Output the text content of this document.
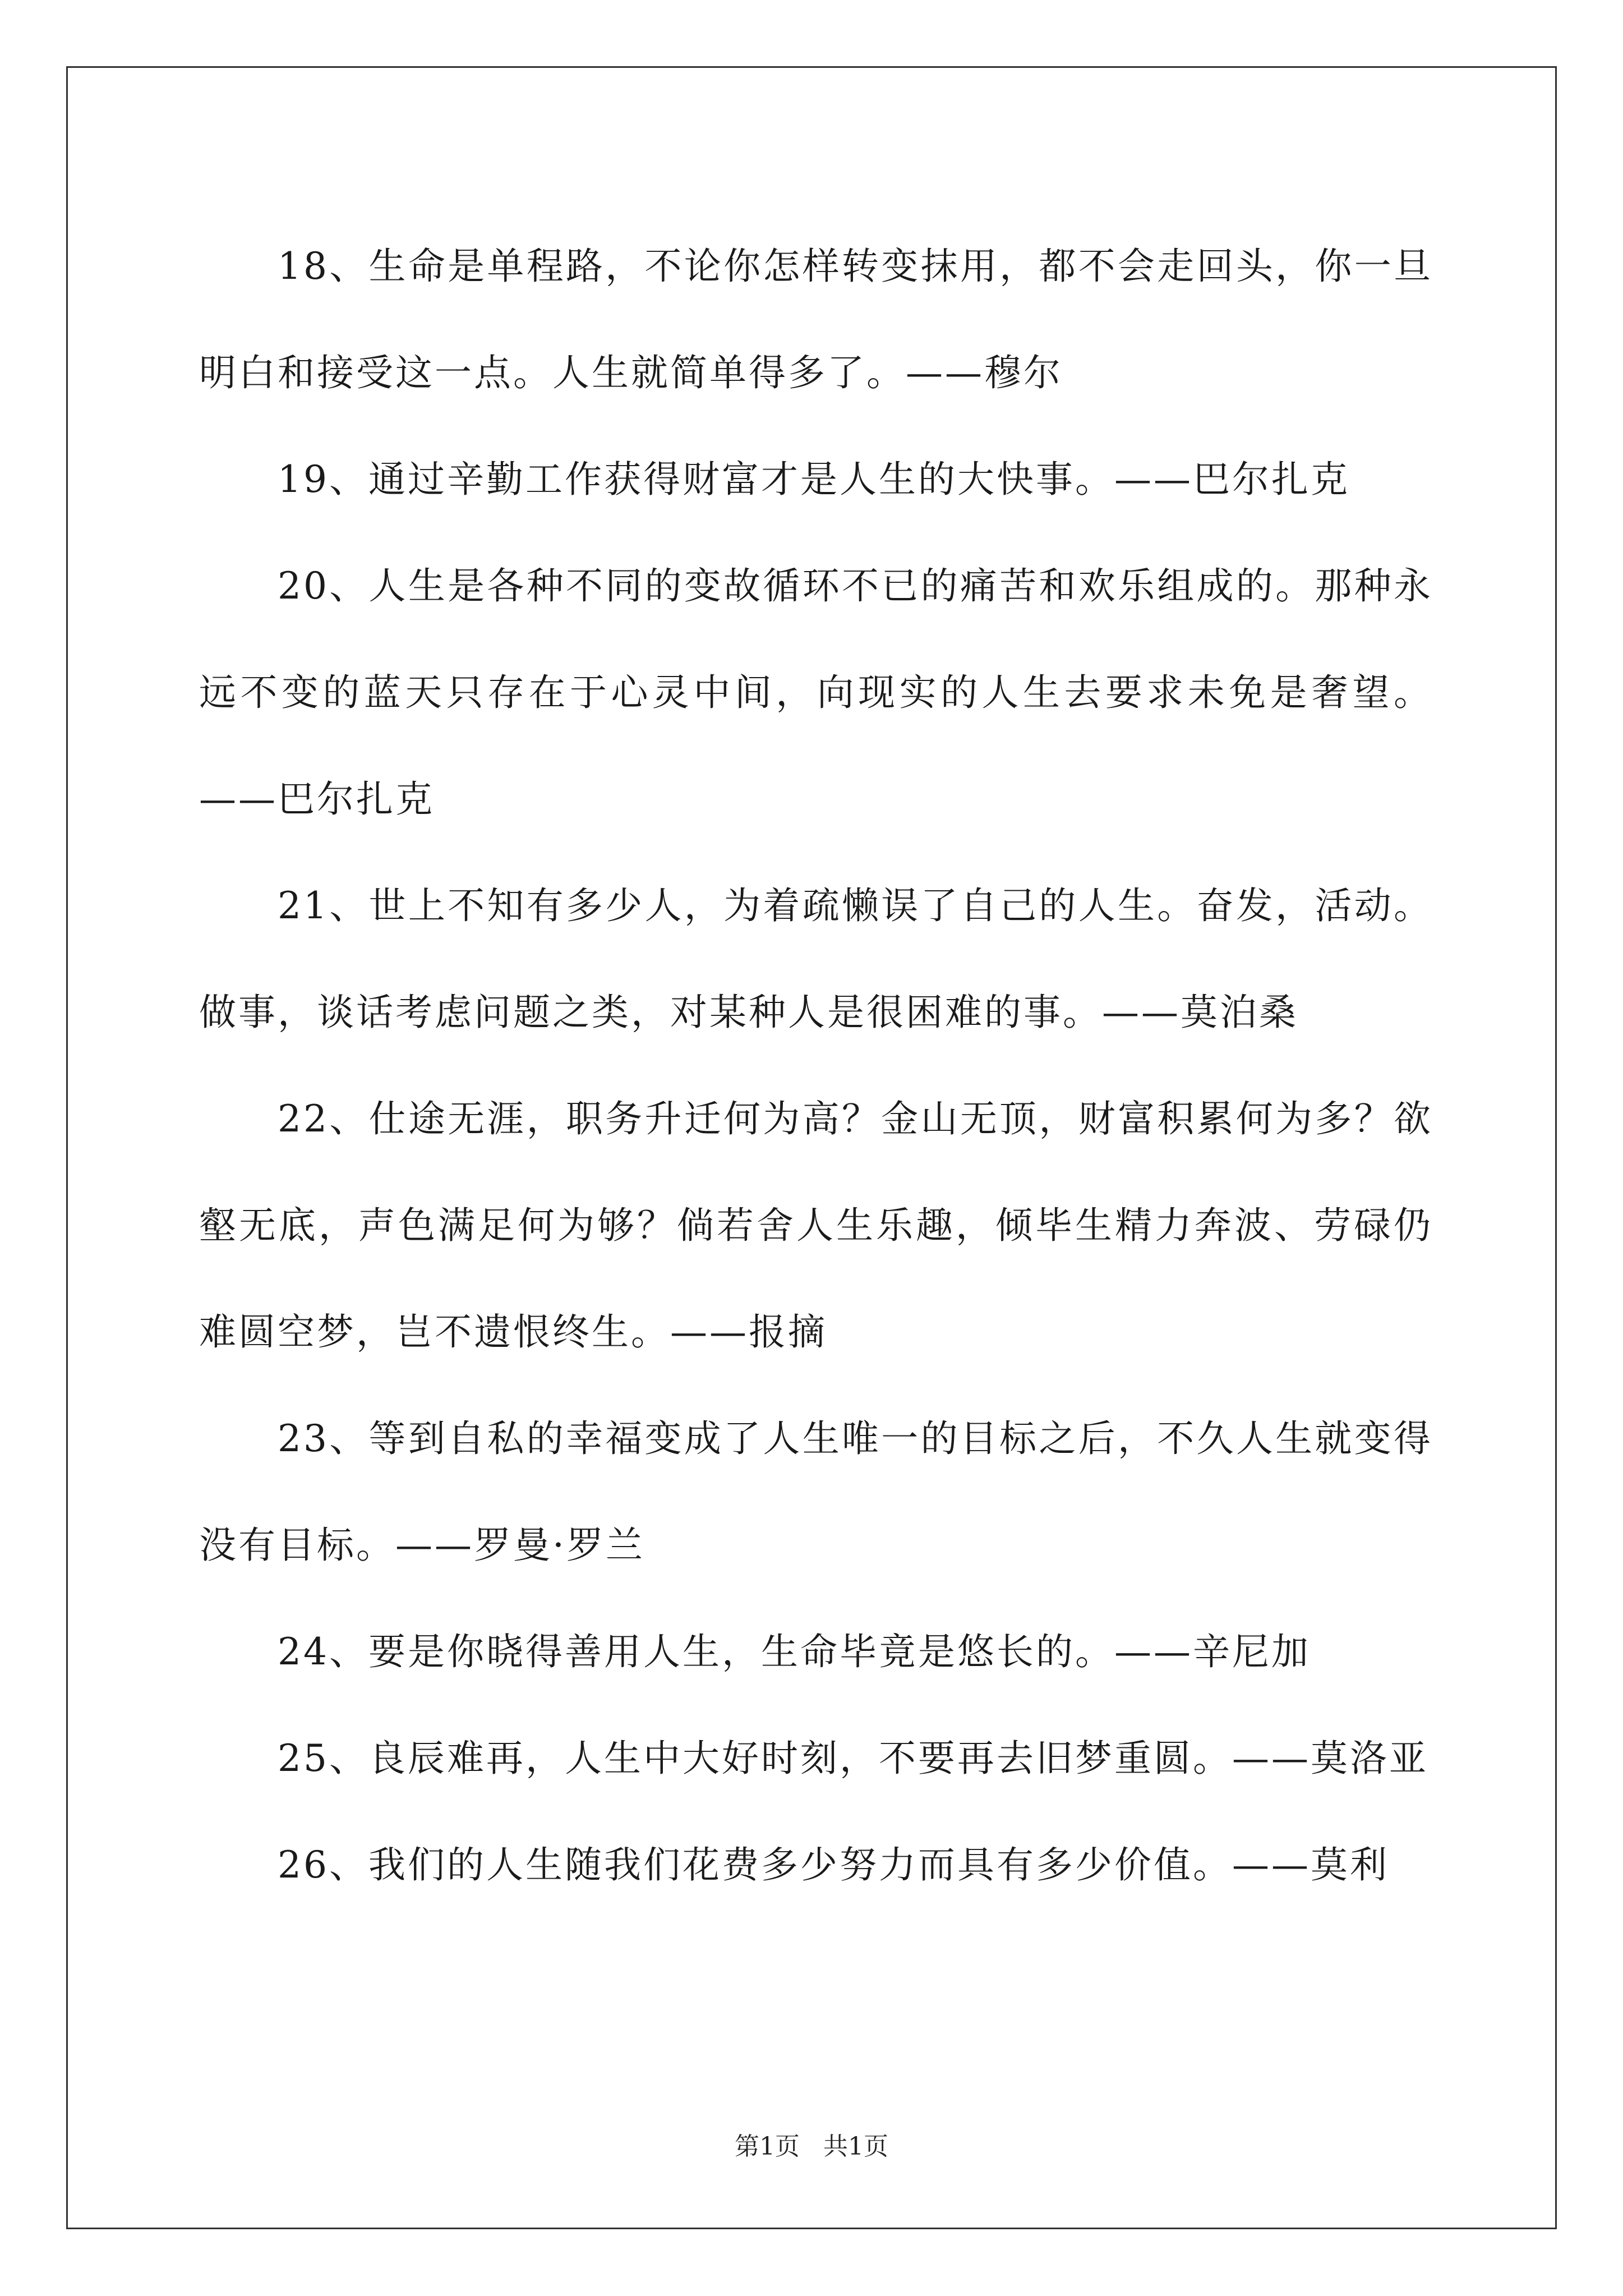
18、生命是单程路，不论你怎样转变抹用，都不会走回头，你一旦明白和接受这一点。人生就简单得多了。——穆尔

19、通过辛勤工作获得财富才是人生的大快事。——巴尔扎克

20、人生是各种不同的变故循环不已的痛苦和欢乐组成的。那种永远不变的蓝天只存在于心灵中间，向现实的人生去要求未免是奢望。——巴尔扎克

21、世上不知有多少人，为着疏懒误了自己的人生。奋发，活动。做事，谈话考虑问题之类，对某种人是很困难的事。——莫泊桑

22、仕途无涯，职务升迁何为高？金山无顶，财富积累何为多？欲壑无底，声色满足何为够？倘若舍人生乐趣，倾毕生精力奔波、劳碌仍难圆空梦，岂不遗恨终生。——报摘

23、等到自私的幸福变成了人生唯一的目标之后，不久人生就变得没有目标。——罗曼·罗兰

24、要是你晓得善用人生，生命毕竟是悠长的。——辛尼加

25、良辰难再，人生中大好时刻，不要再去旧梦重圆。——莫洛亚

26、我们的人生随我们花费多少努力而具有多少价值。——莫利

第1页 共1页
